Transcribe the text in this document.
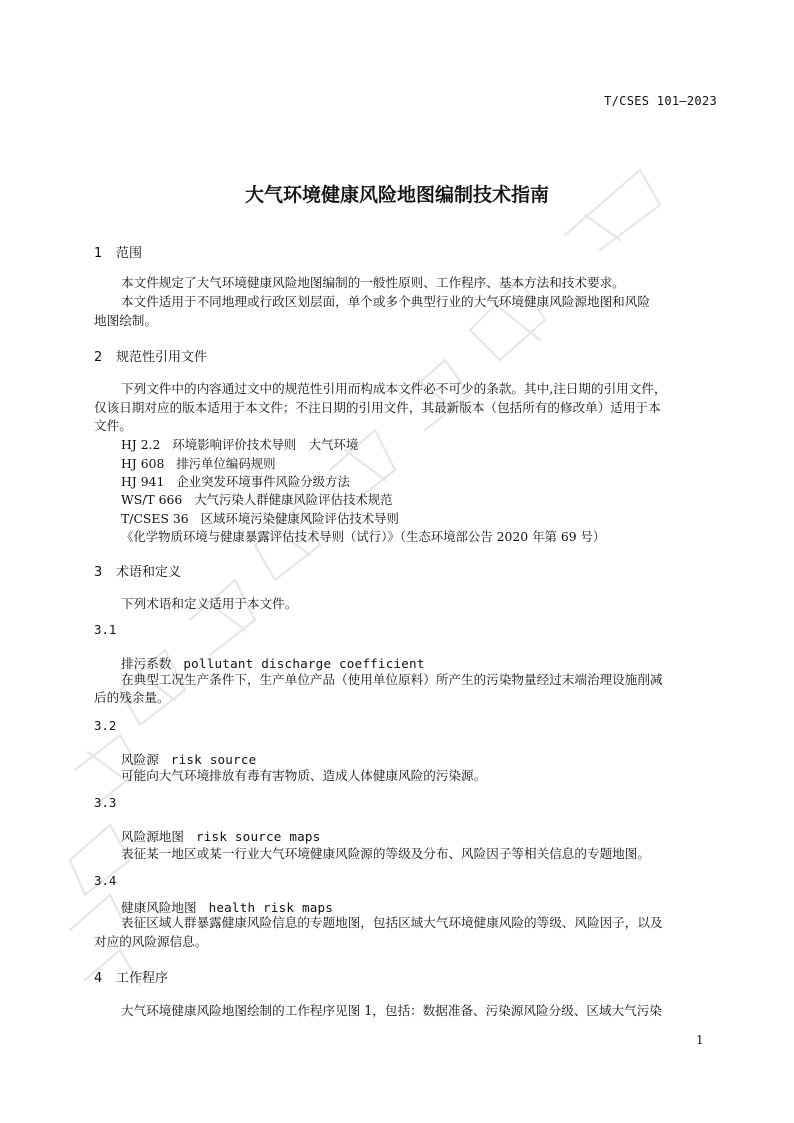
T/CSES 101—2023
大气环境健康风险地图编制技术指南
1 范围
本文件规定了大气环境健康风险地图编制的一般性原则、工作程序、基本方法和技术要求。
本文件适用于不同地理或行政区划层面，单个或多个典型行业的大气环境健康风险源地图和风险
地图绘制。
2 规范性引用文件
下列文件中的内容通过文中的规范性引用而构成本文件必不可少的条款。其中,注日期的引用文件，
仅该日期对应的版本适用于本文件；不注日期的引用文件，其最新版本（包括所有的修改单）适用于本
文件。
HJ 2.2 环境影响评价技术导则　大气环境
HJ 608 排污单位编码规则
HJ 941 企业突发环境事件风险分级方法
WS/T 666 大气污染人群健康风险评估技术规范
T/CSES 36 区域环境污染健康风险评估技术导则
《化学物质环境与健康暴露评估技术导则（试行）》（生态环境部公告 2020 年第 69 号）
3 术语和定义
下列术语和定义适用于本文件。
3.1
排污系数 pollutant discharge coefficient
在典型工况生产条件下，生产单位产品（使用单位原料）所产生的污染物量经过末端治理设施削减
后的残余量。
3.2
风险源 risk source
可能向大气环境排放有毒有害物质、造成人体健康风险的污染源。
3.3
风险源地图 risk source maps
表征某一地区或某一行业大气环境健康风险源的等级及分布、风险因子等相关信息的专题地图。
3.4
健康风险地图 health risk maps
表征区域人群暴露健康风险信息的专题地图，包括区域大气环境健康风险的等级、风险因子，以及
对应的风险源信息。
4 工作程序
大气环境健康风险地图绘制的工作程序见图 1，包括：数据准备、污染源风险分级、区域大气污染
1
